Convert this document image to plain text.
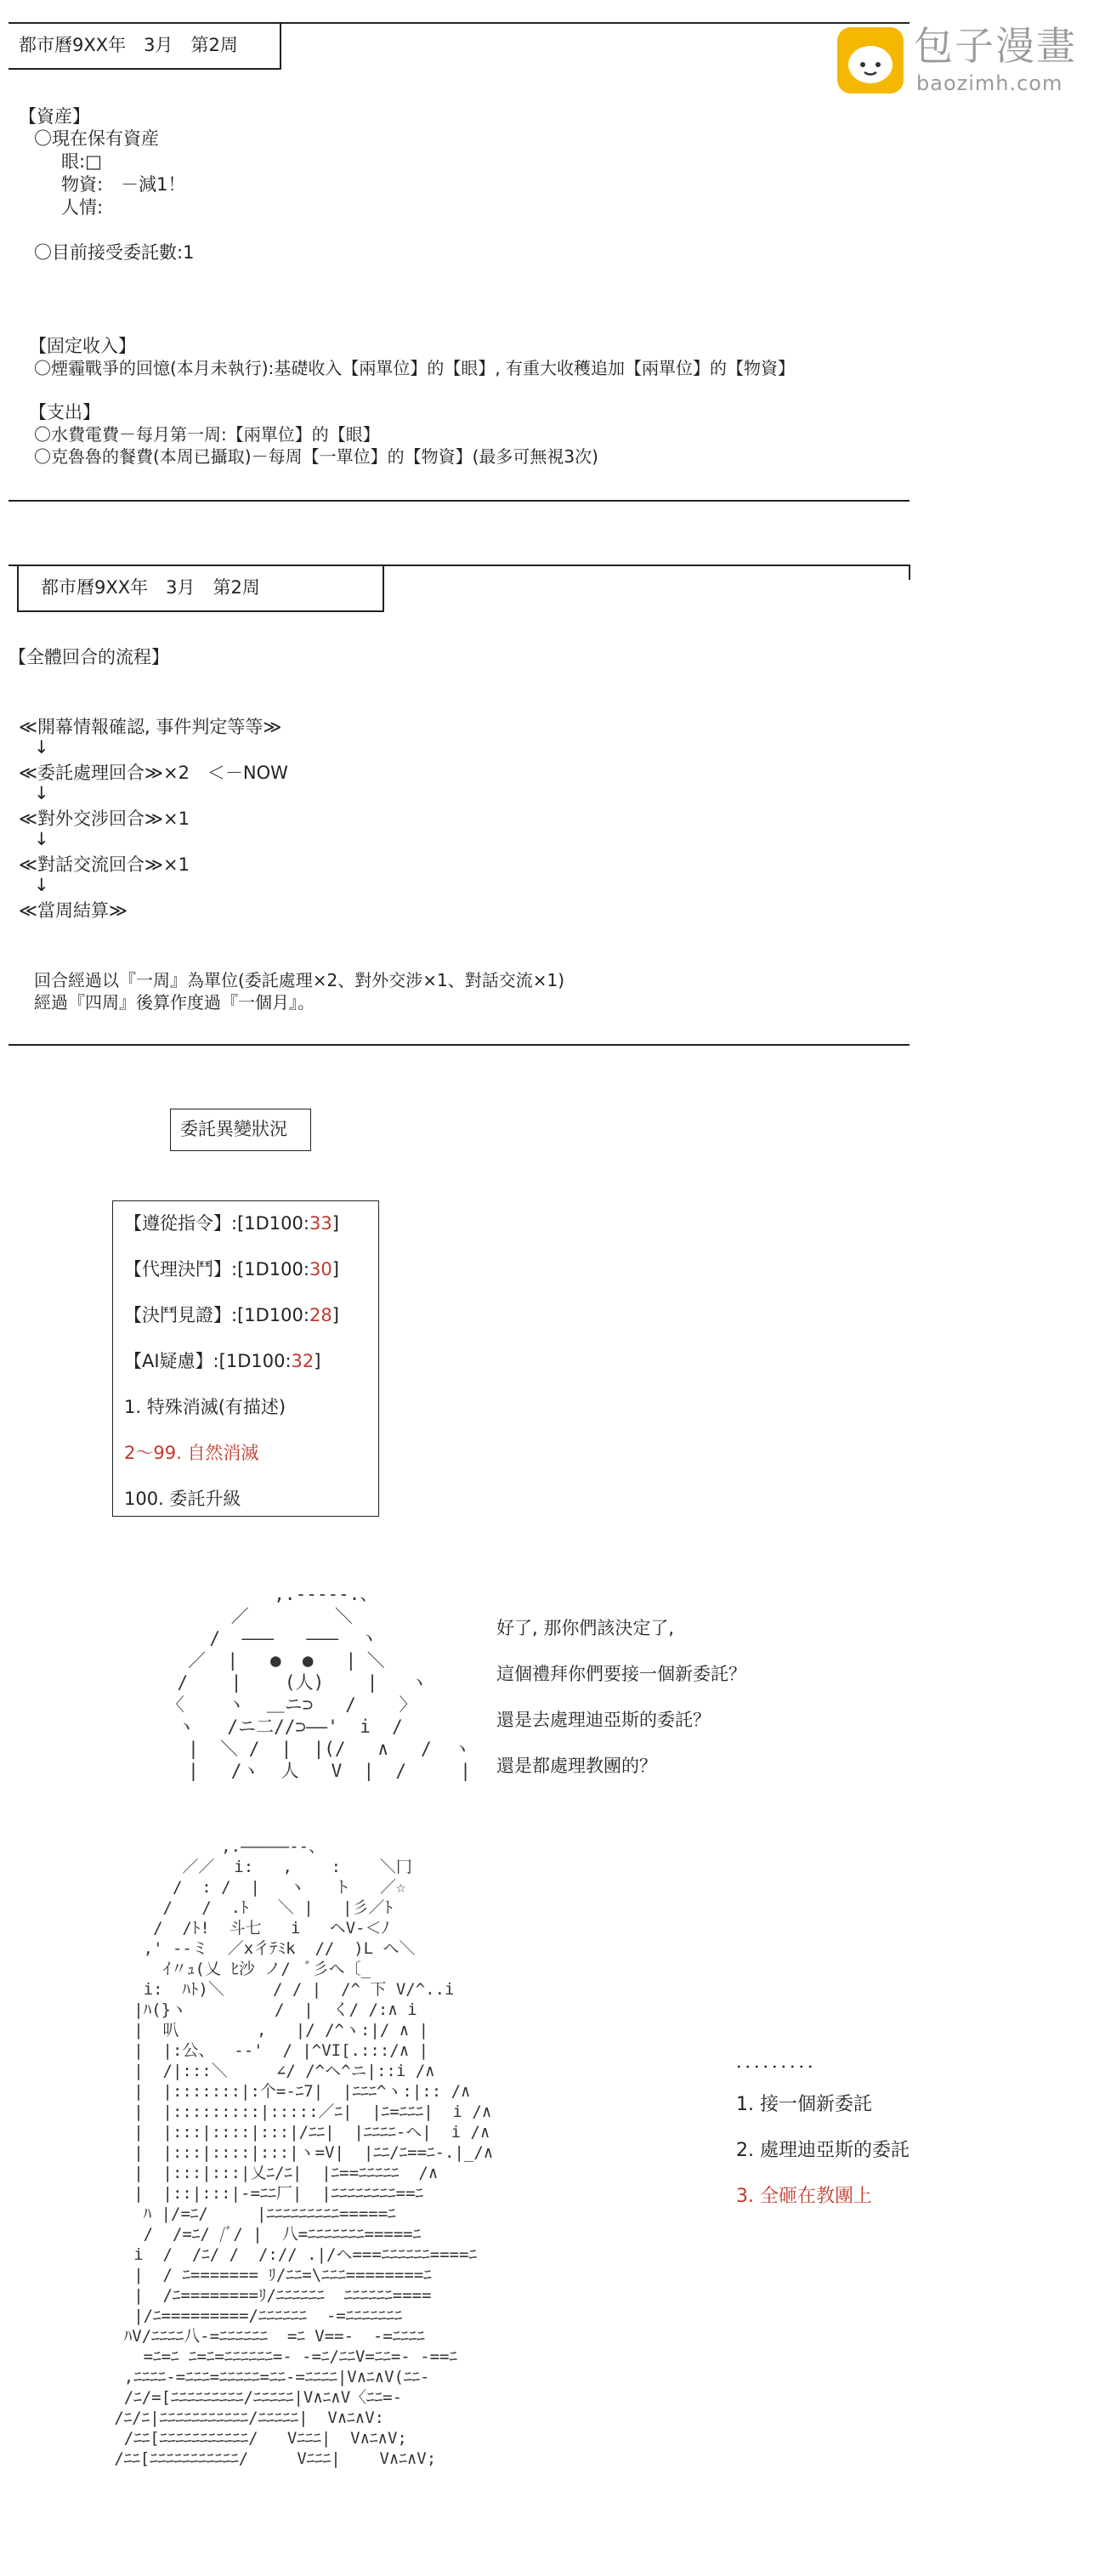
包子漫畫
baozimh.com
都市曆9XX年　3月　第2周
【資産】
〇現在保有資産
眼:□
物資:　－減1！
人情:
〇目前接受委託數:1
【固定收入】
〇煙霾戰爭的回憶(本月未執行):基礎收入【兩單位】的【眼】, 有重大收穫追加【兩單位】的【物資】
【支出】
〇水費電費－每月第一周:【兩單位】的【眼】
〇克魯魯的餐費(本周已攝取)－每周【一單位】的【物資】(最多可無視3次)
都市曆9XX年　3月　第2周
【全體回合的流程】
≪開幕情報確認, 事件判定等等≫
↓
≪委託處理回合≫×2　＜－NOW
↓
≪對外交涉回合≫×1
↓
≪對話交流回合≫×1
↓
≪當周結算≫
回合經過以『一周』為單位(委託處理×2、對外交涉×1、對話交流×1)
經過『四周』後算作度過『一個月』。
委託異變狀況
【遵從指令】:[1D100:33]
【代理決鬥】:[1D100:30]
【決鬥見證】:[1D100:28]
【AI疑慮】:[1D100:32]
1. 特殊消滅(有描述)
2～99. 自然消滅
100. 委託升級
,.-‐‐‐-.、
／        ＼
/  ―――   ―――  ヽ
／  |   ●  ●   | ＼
/    |    (人)    |   ヽ
〈    ヽ  ＿ニ⊃   /    〉
ヽ   /ニ二//⊃――'  i  /
|  ＼ /  |  |(/   ∧   /  ヽ
|   /ヽ  人   V  |  /     |
好了, 那你們該決定了,
這個禮拜你們要接一個新委託？
還是去處理迪亞斯的委託？
還是都處理教團的？
,.―――――‐-、
／／  i:   ,    :    ＼冂
/  : /  |   ヽ   ト   ／☆
/   /  .ﾄ   ＼ |   |彡／ﾄ
/  /ﾄ!  斗七   i   ヘV-＜ﾉ
,' --ミ  ／x彳ﾃﾐk  //  )L へ＼
ｲ〃ｭ(乂 ﾋ沙 ノ/  ﾞ彡へ〔_
i:  ﾊﾄ)＼     / / |  /^ 下 V/^..i
|ﾊ(}ヽ         /  |  く/ /:∧ i
|  叭        ,   |/ /^ヽ:|/ ∧ |
|  |:公、  ‐‐'  / |^VI[.:::/∧ |
|  /|:::＼     ∠/ /^ヘ^ニ|::i /∧
|  |:::::::|:个=-ﾆ7|  |ﾆﾆﾆ^ヽ:|:: /∧
|  |:::::::::|:::::／ﾆ|  |ﾆ=ﾆﾆﾆ|  i /∧
|  |:::|::::|:::|/ﾆﾆ|  |ﾆﾆﾆﾆ-ヘ|  i /∧
|  |:::|::::|:::|ヽ=V|  |ﾆﾆ/ﾆ==ﾆ-.|_/∧
|  |:::|:::|乂ﾆ/ﾆ|  |ﾆ==ﾆﾆﾆﾆﾆ  /∧
|  |::|:::|-=ﾆﾆ厂|  |ﾆﾆﾆﾆﾆﾆﾆﾆ==ﾆ
ﾊ |/=ﾆ/     |ﾆﾆﾆﾆﾆﾆﾆﾆﾆ=====ﾆ
/  /=ﾆ/ /ﾞ/ |  八=ﾆﾆﾆﾆﾆﾆﾆ=====ﾆ
i  /  /ﾆ/ /  /:// .|/ヘ===ﾆﾆﾆﾆﾆﾆ====ﾆ
|  / ﾆ======= ﾘ/ﾆﾆ=\ﾆﾆﾆ========ﾆ
|  /ﾆ========ﾘ/ﾆﾆﾆﾆﾆﾆ  ﾆﾆﾆﾆﾆﾆ====
|/ﾆ=========/ﾆﾆﾆﾆﾆﾆ  -=ﾆﾆﾆﾆﾆﾆﾆ
ﾊV/ﾆﾆﾆﾆ八-=ﾆﾆﾆﾆﾆﾆ  =ﾆ V==-  -=ﾆﾆﾆﾆ
=ﾆ=ﾆ ﾆ=ﾆ=ﾆﾆﾆﾆﾆﾆ=- -=ﾆ/ﾆﾆV=ﾆﾆ=- -==ﾆ
,ﾆﾆﾆﾆ-=ﾆﾆﾆ=ﾆﾆﾆﾆﾆ=ﾆﾆ-=ﾆﾆﾆﾆ|V∧ﾆ∧V(ﾆﾆ-
/ﾆ/=[ﾆﾆﾆﾆﾆﾆﾆﾆﾆ/ﾆﾆﾆﾆﾆ|V∧ﾆ∧V〈ﾆﾆ=-
/ﾆ/ﾆ|ﾆﾆﾆﾆﾆﾆﾆﾆﾆﾆﾆ/ﾆﾆﾆﾆﾆ|  V∧ﾆ∧V:
/ﾆﾆ[ﾆﾆﾆﾆﾆﾆﾆﾆﾆﾆﾆ/   Vﾆﾆﾆ|  V∧ﾆ∧V;
/ﾆﾆ[ﾆﾆﾆﾆﾆﾆﾆﾆﾆﾆﾆ/     Vﾆﾆﾆ|    V∧ﾆ∧V;
．．．．．．．．．
1. 接一個新委託
2. 處理迪亞斯的委託
3. 全砸在教團上
